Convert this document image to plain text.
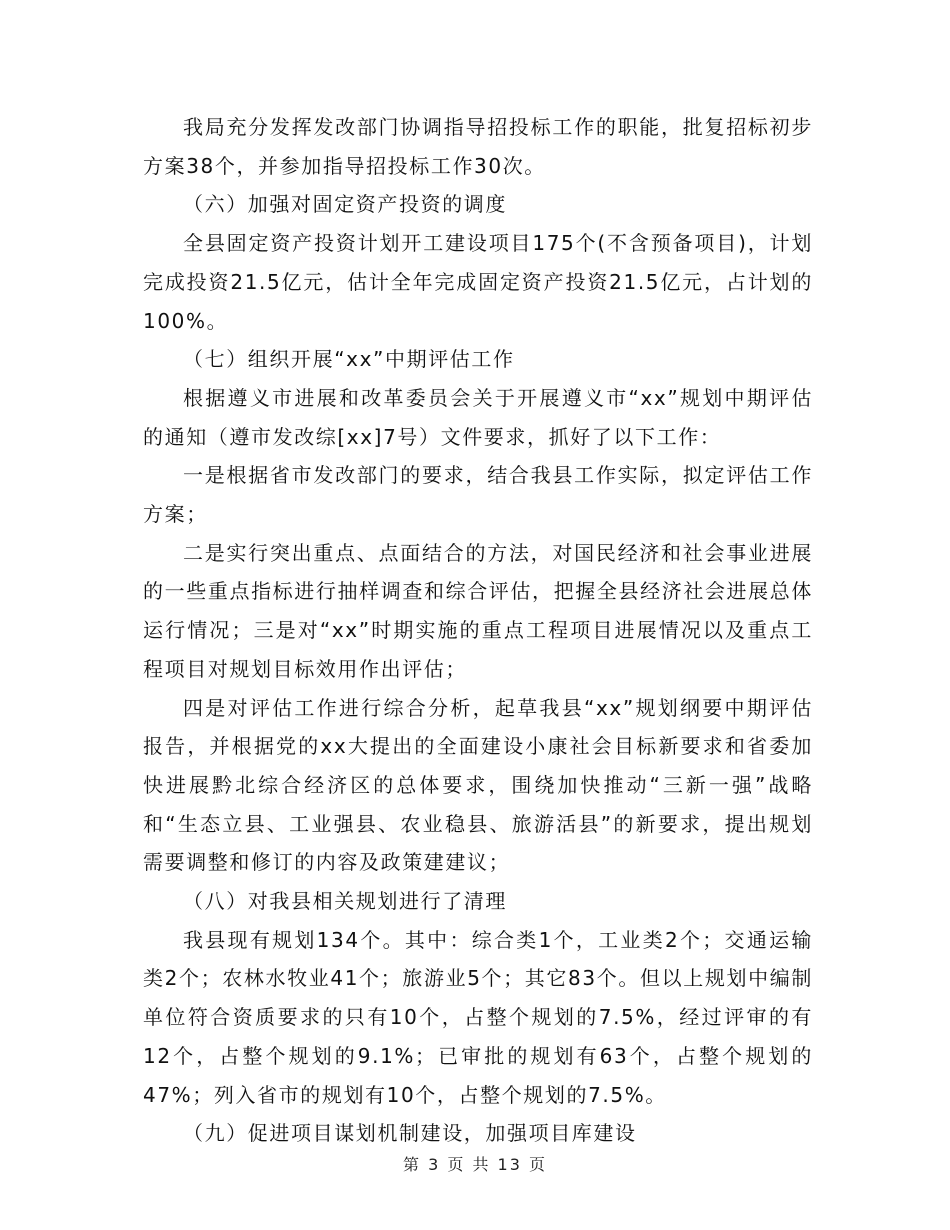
我局充分发挥发改部门协调指导招投标工作的职能，批复招标初步方案38个，并参加指导招投标工作30次。

（六）加强对固定资产投资的调度

全县固定资产投资计划开工建设项目175个(不含预备项目)，计划完成投资21.5亿元，估计全年完成固定资产投资21.5亿元，占计划的100%。

（七）组织开展“xx”中期评估工作

根据遵义市进展和改革委员会关于开展遵义市“xx”规划中期评估的通知（遵市发改综[xx]7号）文件要求，抓好了以下工作：

一是根据省市发改部门的要求，结合我县工作实际，拟定评估工作方案；

二是实行突出重点、点面结合的方法，对国民经济和社会事业进展的一些重点指标进行抽样调查和综合评估，把握全县经济社会进展总体运行情况；三是对“xx”时期实施的重点工程项目进展情况以及重点工程项目对规划目标效用作出评估；

四是对评估工作进行综合分析，起草我县“xx”规划纲要中期评估报告，并根据党的xx大提出的全面建设小康社会目标新要求和省委加快进展黔北综合经济区的总体要求，围绕加快推动“三新一强”战略和“生态立县、工业强县、农业稳县、旅游活县”的新要求，提出规划需要调整和修订的内容及政策建建议；

（八）对我县相关规划进行了清理

我县现有规划134个。其中：综合类1个，工业类2个；交通运输类2个；农林水牧业41个；旅游业5个；其它83个。但以上规划中编制单位符合资质要求的只有10个，占整个规划的7.5%，经过评审的有12个，占整个规划的9.1%；已审批的规划有63个，占整个规划的47%；列入省市的规划有10个，占整个规划的7.5%。

（九）促进项目谋划机制建设，加强项目库建设

第 3 页 共 13 页
